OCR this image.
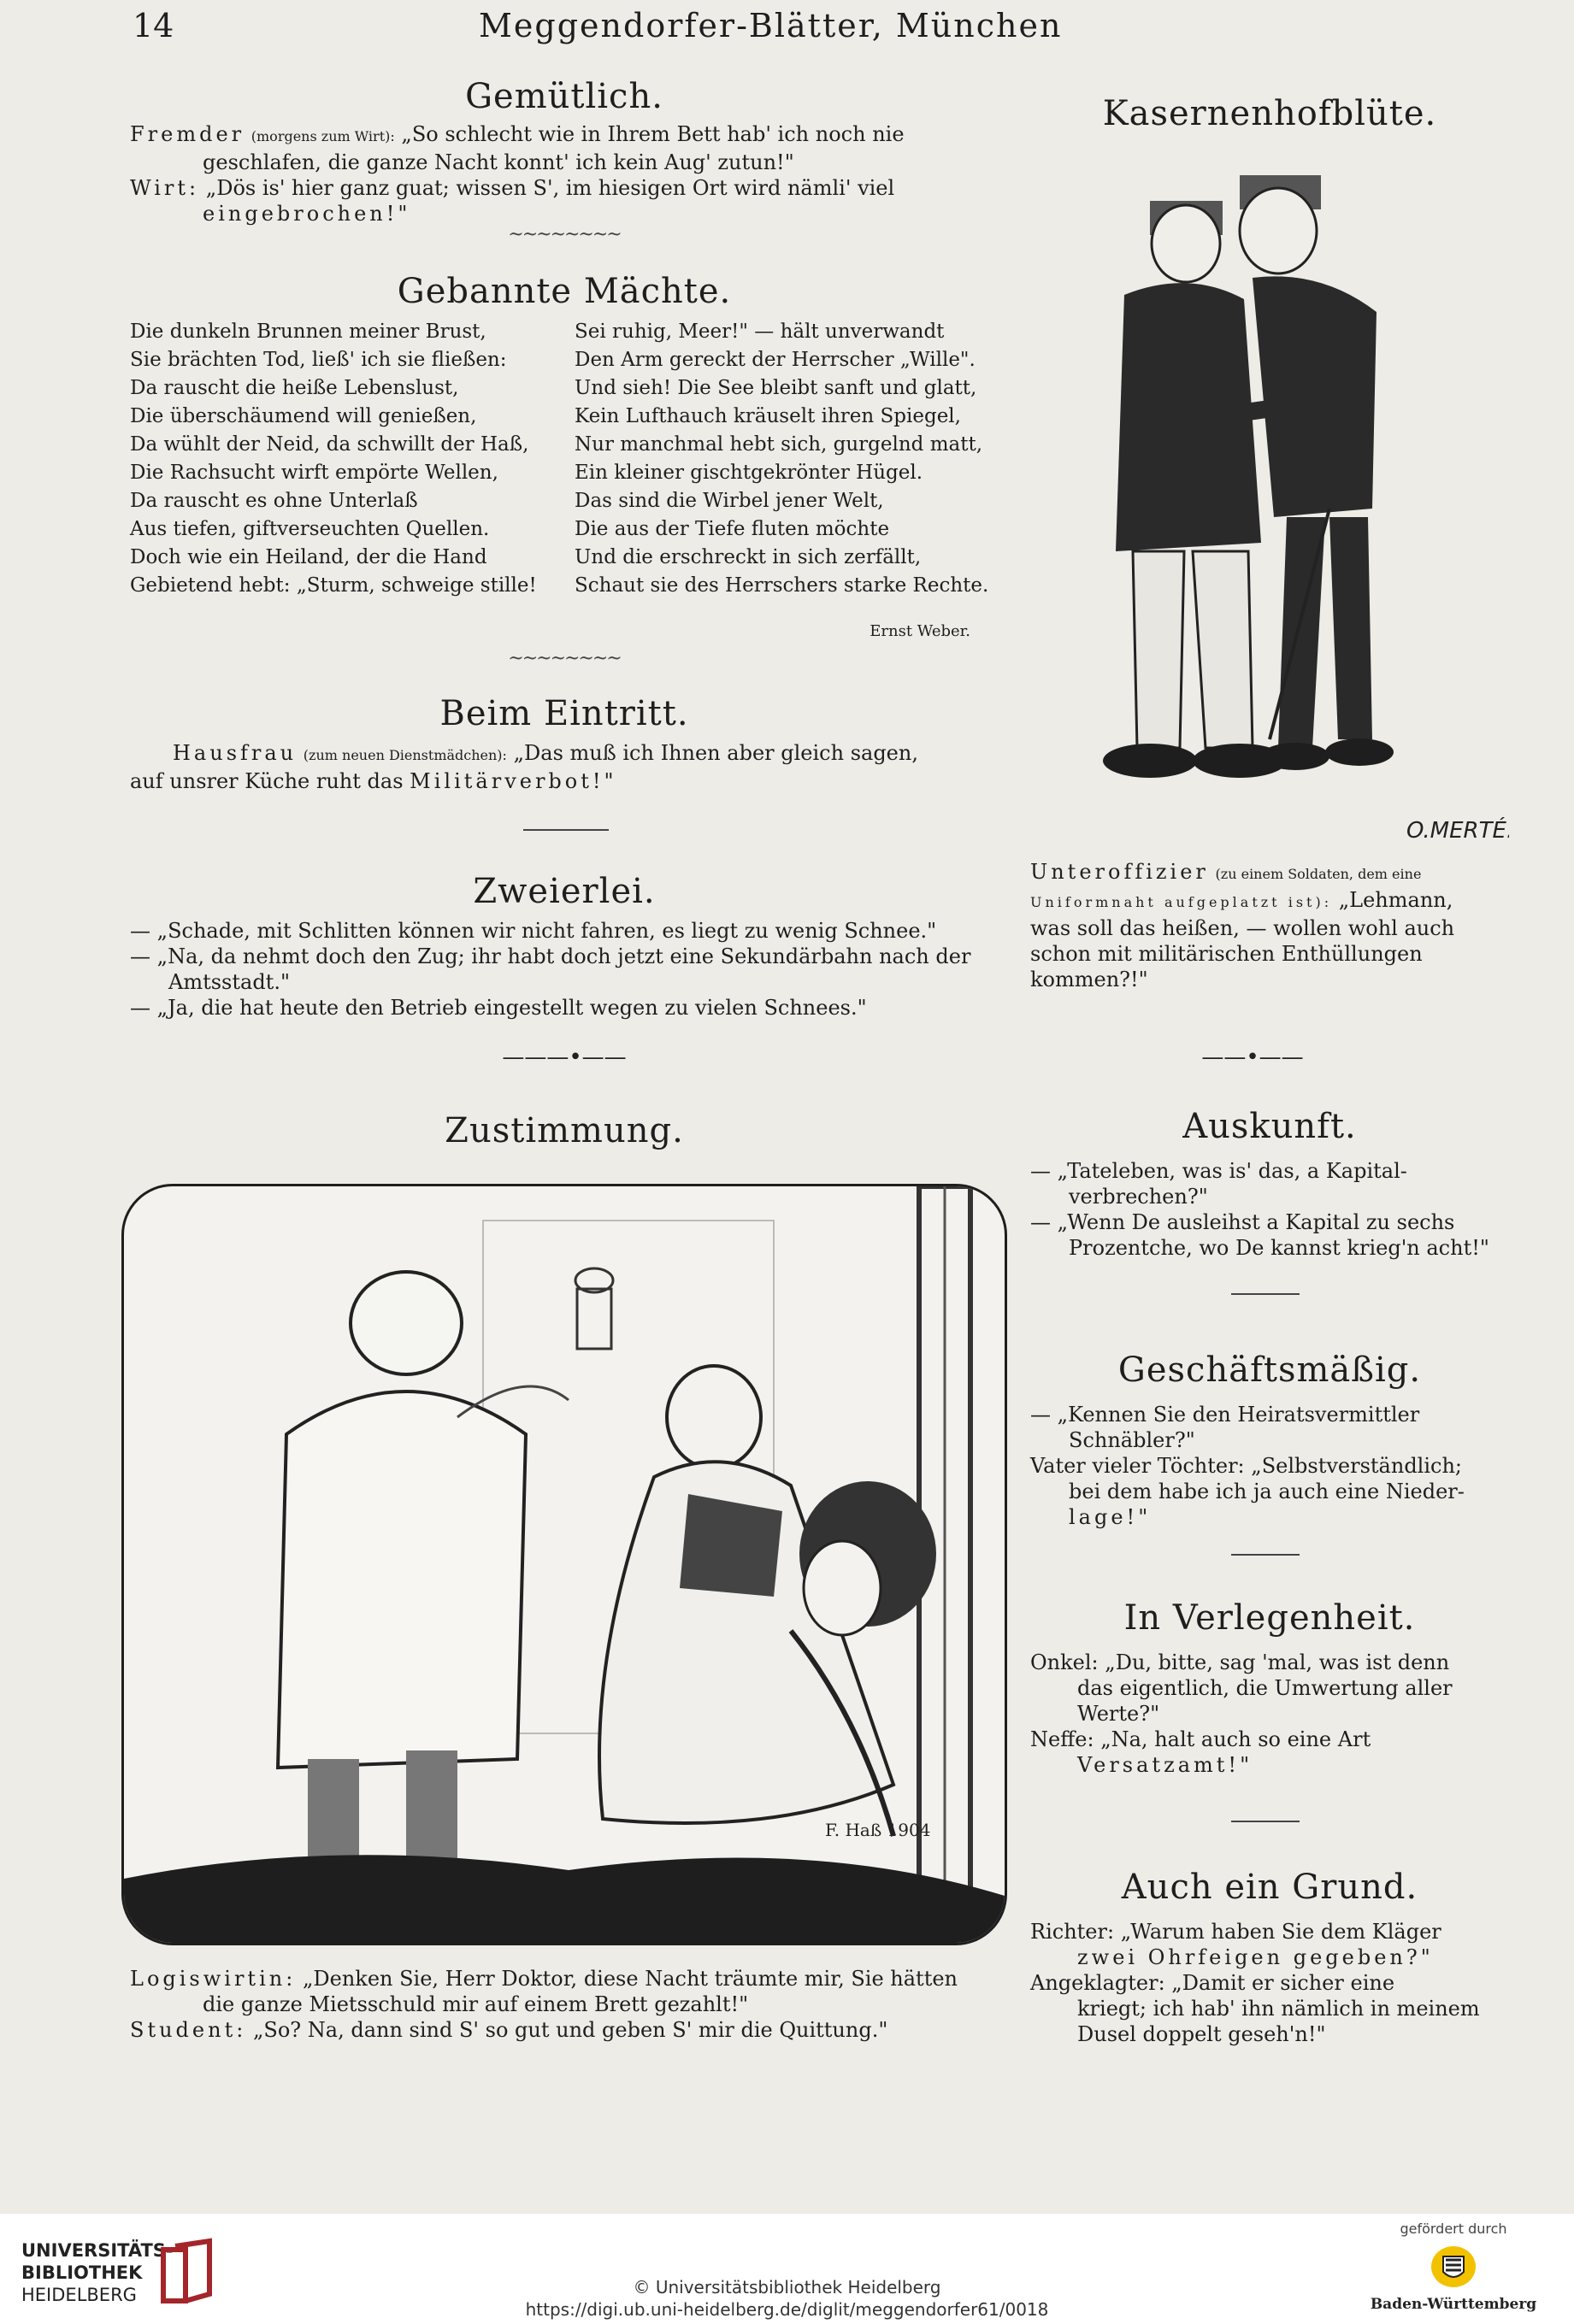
14	Meggendorfer-Blätter, München
Gemütlich.
Fremder (morgens zum Wirt): „So schlecht wie in Ihrem Bett hab' ich noch nie
geschlafen, die ganze Nacht konnt' ich kein Aug' zutun!"
Wirt: „Dös is' hier ganz guat; wissen S', im hiesigen Ort wird nämli' viel
eingebrochen!"
~~~~~~~~
Gebannte Mächte.
Die dunkeln Brunnen meiner Brust,
Sie brächten Tod, ließ' ich sie fließen:
Da rauscht die heiße Lebenslust,
Die überschäumend will genießen,
Da wühlt der Neid, da schwillt der Haß,
Die Rachsucht wirft empörte Wellen,
Da rauscht es ohne Unterlaß
Aus tiefen, giftverseuchten Quellen.
Doch wie ein Heiland, der die Hand
Gebietend hebt: „Sturm, schweige stille!
Sei ruhig, Meer!" — hält unverwandt
Den Arm gereckt der Herrscher „Wille".
Und sieh! Die See bleibt sanft und glatt,
Kein Lufthauch kräuselt ihren Spiegel,
Nur manchmal hebt sich, gurgelnd matt,
Ein kleiner gischtgekrönter Hügel.
Das sind die Wirbel jener Welt,
Die aus der Tiefe fluten möchte
Und die erschreckt in sich zerfällt,
Schaut sie des Herrschers starke Rechte.
Ernst Weber.
~~~~~~~~
Beim Eintritt.
Hausfrau (zum neuen Dienstmädchen): „Das muß ich Ihnen aber gleich sagen,
auf unsrer Küche ruht das Militärverbot!"
Zweierlei.
— „Schade, mit Schlitten können wir nicht fahren, es liegt zu wenig Schnee."
— „Na, da nehmt doch den Zug; ihr habt doch jetzt eine Sekundärbahn nach der
Amtsstadt."
— „Ja, die hat heute den Betrieb eingestellt wegen zu vielen Schnees."
———•——
Zustimmung.
F. Haß 1904
Logiswirtin: „Denken Sie, Herr Doktor, diese Nacht träumte mir, Sie hätten
die ganze Mietsschuld mir auf einem Brett gezahlt!"
Student: „So? Na, dann sind S' so gut und geben S' mir die Quittung."
Kasernenhofblüte.
O.MERTÉ.
Unteroffizier (zu einem Soldaten, dem eine
Uniformnaht aufgeplatzt ist): „Lehmann,
was soll das heißen, — wollen wohl auch
schon mit militärischen Enthüllungen
kommen?!"
——•——
Auskunft.
— „Tateleben, was is' das, a Kapital-
verbrechen?"
— „Wenn De ausleihst a Kapital zu sechs
Prozentche, wo De kannst krieg'n acht!"
Geschäftsmäßig.
— „Kennen Sie den Heiratsvermittler
Schnäbler?"
Vater vieler Töchter: „Selbstverständlich;
bei dem habe ich ja auch eine Nieder-
lage!"
In Verlegenheit.
Onkel: „Du, bitte, sag 'mal, was ist denn
das eigentlich, die Umwertung aller
Werte?"
Neffe: „Na, halt auch so eine Art
Versatzamt!"
Auch ein Grund.
Richter: „Warum haben Sie dem Kläger
zwei Ohrfeigen gegeben?"
Angeklagter: „Damit er sicher eine
kriegt; ich hab' ihn nämlich in meinem
Dusel doppelt geseh'n!"
UNIVERSITÄTS-
BIBLIOTHEK
HEIDELBERG	© Universitätsbibliothek Heidelberg
https://digi.ub.uni-heidelberg.de/diglit/meggendorfer61/0018
gefördert durch
Baden-Württemberg
